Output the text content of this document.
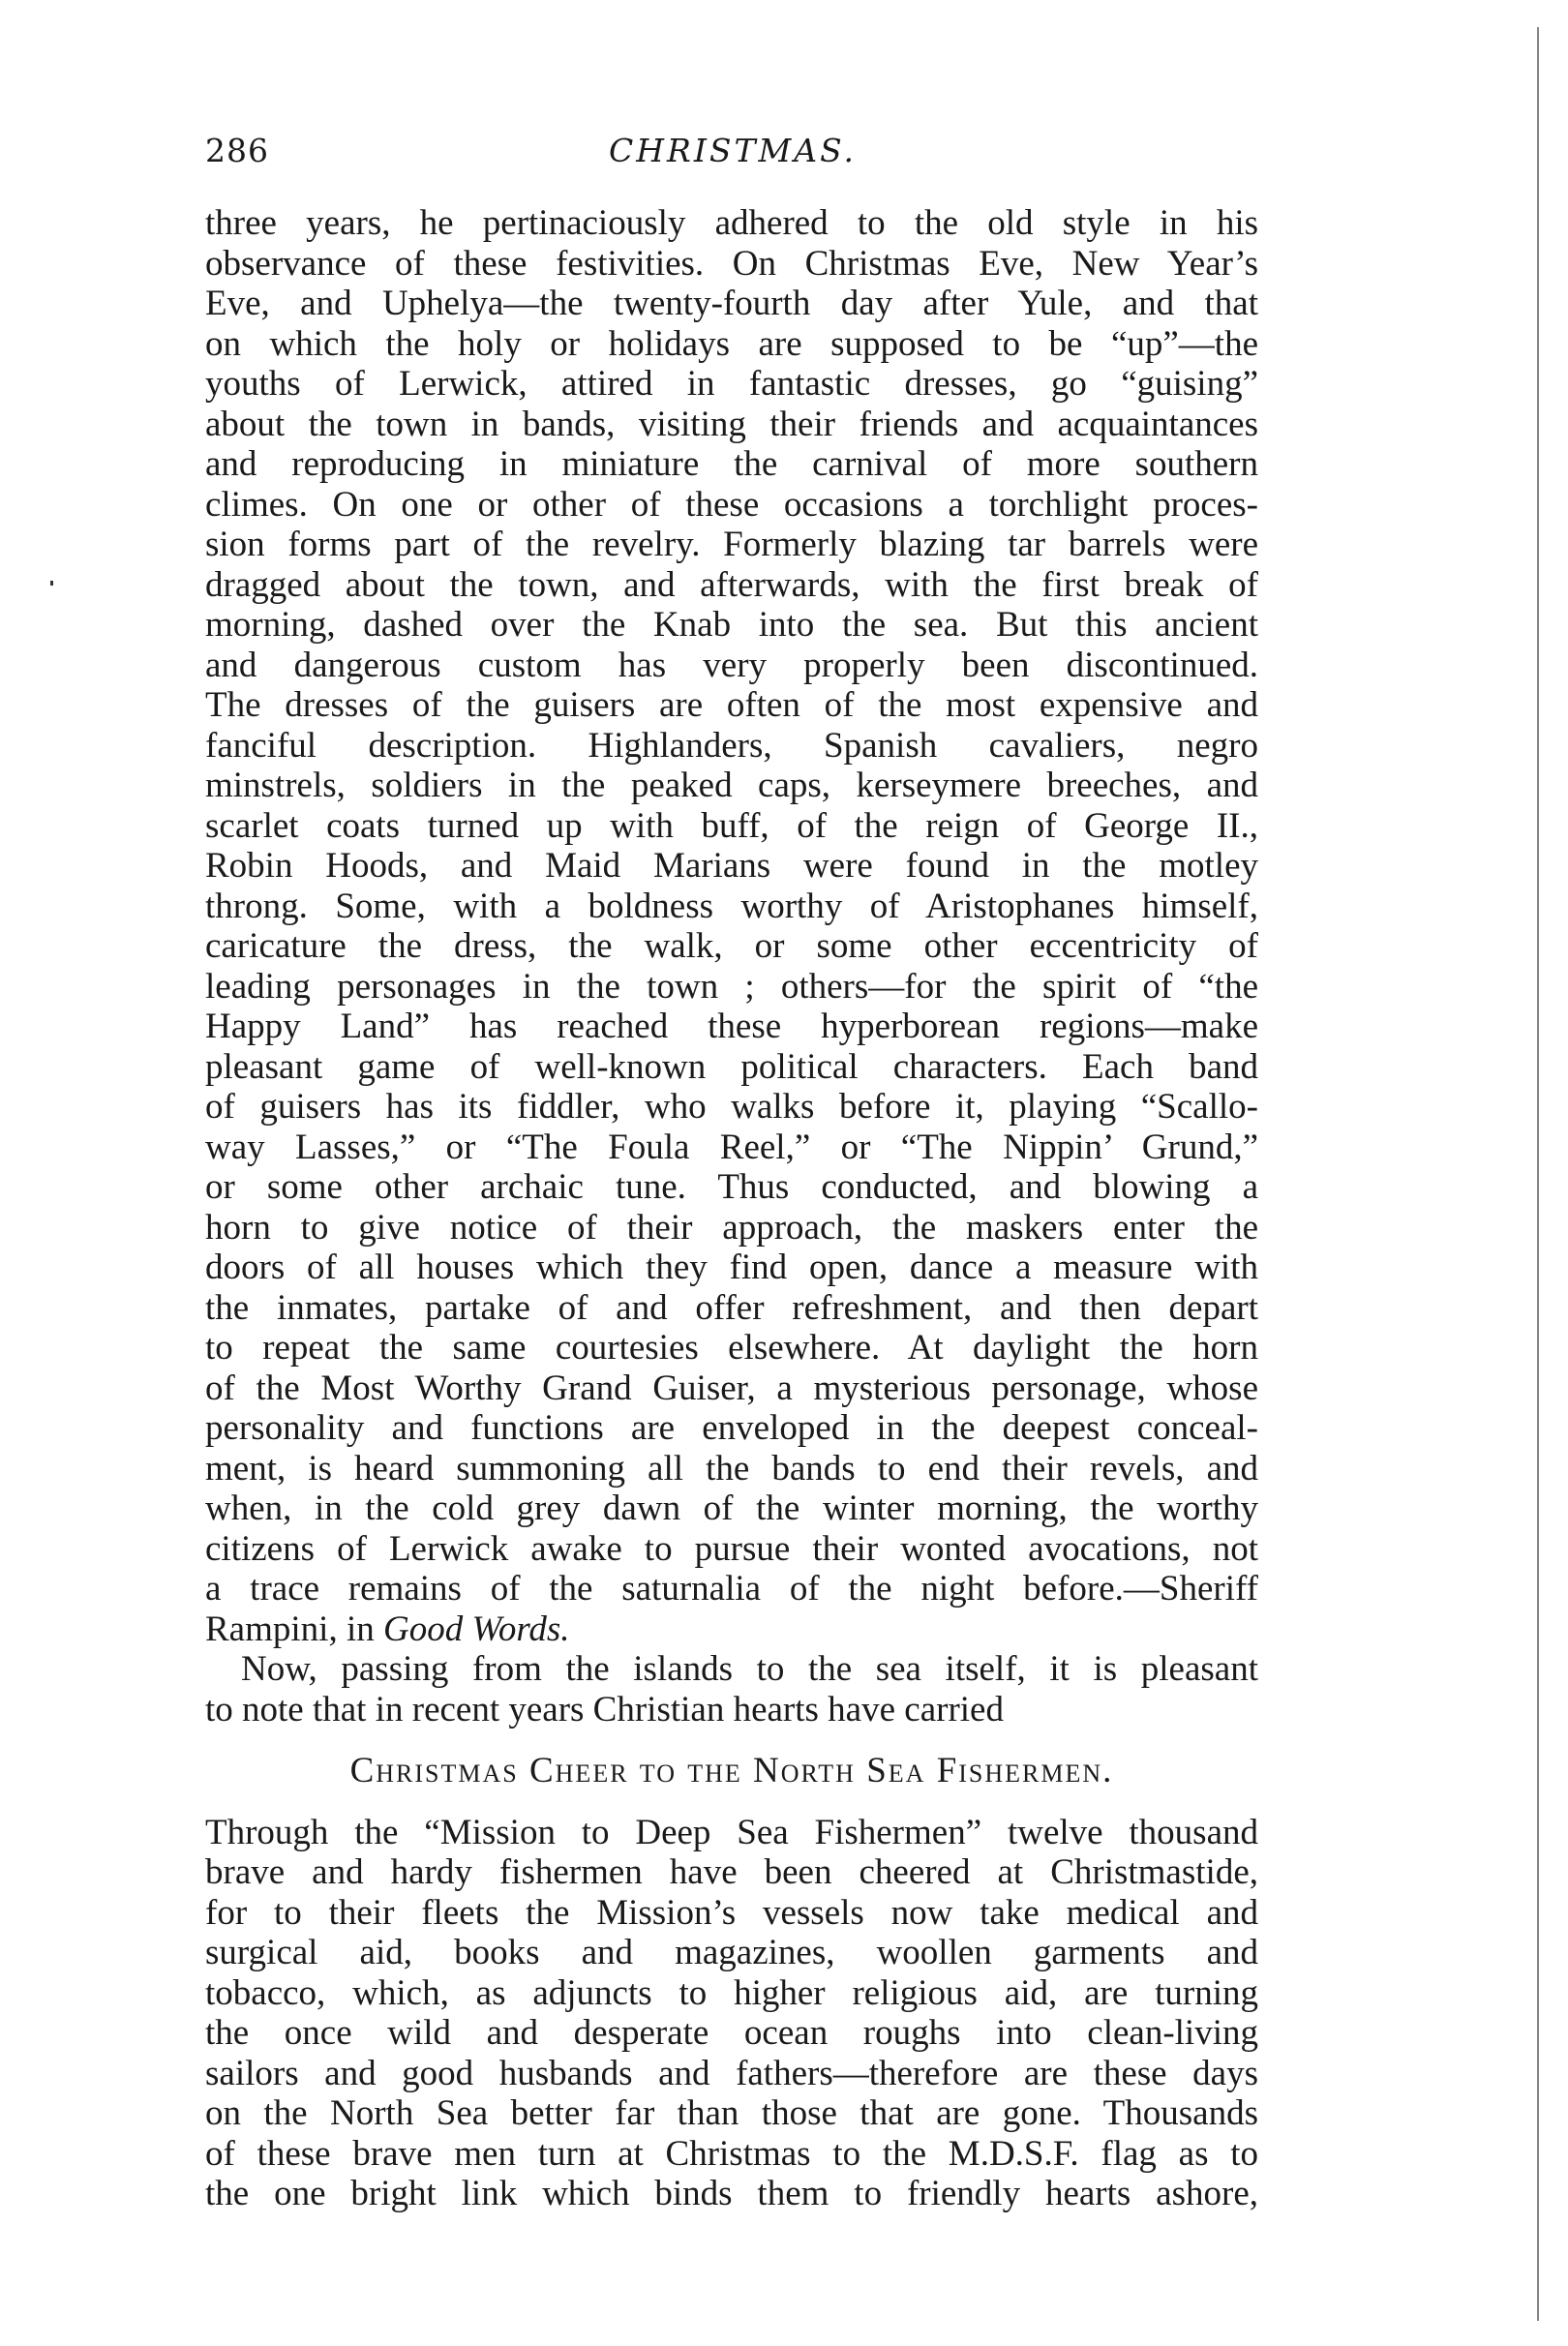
286	CHRISTMAS.
three years, he pertinaciously adhered to the old style in his
observance of these festivities. On Christmas Eve, New Year’s
Eve, and Uphelya—the twenty-fourth day after Yule, and that
on which the holy or holidays are supposed to be “up”—the
youths of Lerwick, attired in fantastic dresses, go “guising”
about the town in bands, visiting their friends and acquaintances
and reproducing in miniature the carnival of more southern
climes. On one or other of these occasions a torchlight proces-
sion forms part of the revelry. Formerly blazing tar barrels were
dragged about the town, and afterwards, with the first break of
morning, dashed over the Knab into the sea. But this ancient
and dangerous custom has very properly been discontinued.
The dresses of the guisers are often of the most expensive and
fanciful description. Highlanders, Spanish cavaliers, negro
minstrels, soldiers in the peaked caps, kerseymere breeches, and
scarlet coats turned up with buff, of the reign of George II.,
Robin Hoods, and Maid Marians were found in the motley
throng. Some, with a boldness worthy of Aristophanes himself,
caricature the dress, the walk, or some other eccentricity of
leading personages in the town ; others—for the spirit of “the
Happy Land” has reached these hyperborean regions—make
pleasant game of well-known political characters. Each band
of guisers has its fiddler, who walks before it, playing “Scallo-
way Lasses,” or “The Foula Reel,” or “The Nippin’ Grund,”
or some other archaic tune. Thus conducted, and blowing a
horn to give notice of their approach, the maskers enter the
doors of all houses which they find open, dance a measure with
the inmates, partake of and offer refreshment, and then depart
to repeat the same courtesies elsewhere. At daylight the horn
of the Most Worthy Grand Guiser, a mysterious personage, whose
personality and functions are enveloped in the deepest conceal-
ment, is heard summoning all the bands to end their revels, and
when, in the cold grey dawn of the winter morning, the worthy
citizens of Lerwick awake to pursue their wonted avocations, not
a trace remains of the saturnalia of the night before.—Sheriff
Rampini, in Good Words.
Now, passing from the islands to the sea itself, it is pleasant
to note that in recent years Christian hearts have carried
Christmas Cheer to the North Sea Fishermen.
Through the “Mission to Deep Sea Fishermen” twelve thousand
brave and hardy fishermen have been cheered at Christmastide,
for to their fleets the Mission’s vessels now take medical and
surgical aid, books and magazines, woollen garments and
tobacco, which, as adjuncts to higher religious aid, are turning
the once wild and desperate ocean roughs into clean-living
sailors and good husbands and fathers—therefore are these days
on the North Sea better far than those that are gone. Thousands
of these brave men turn at Christmas to the M.D.S.F. flag as to
the one bright link which binds them to friendly hearts ashore,
